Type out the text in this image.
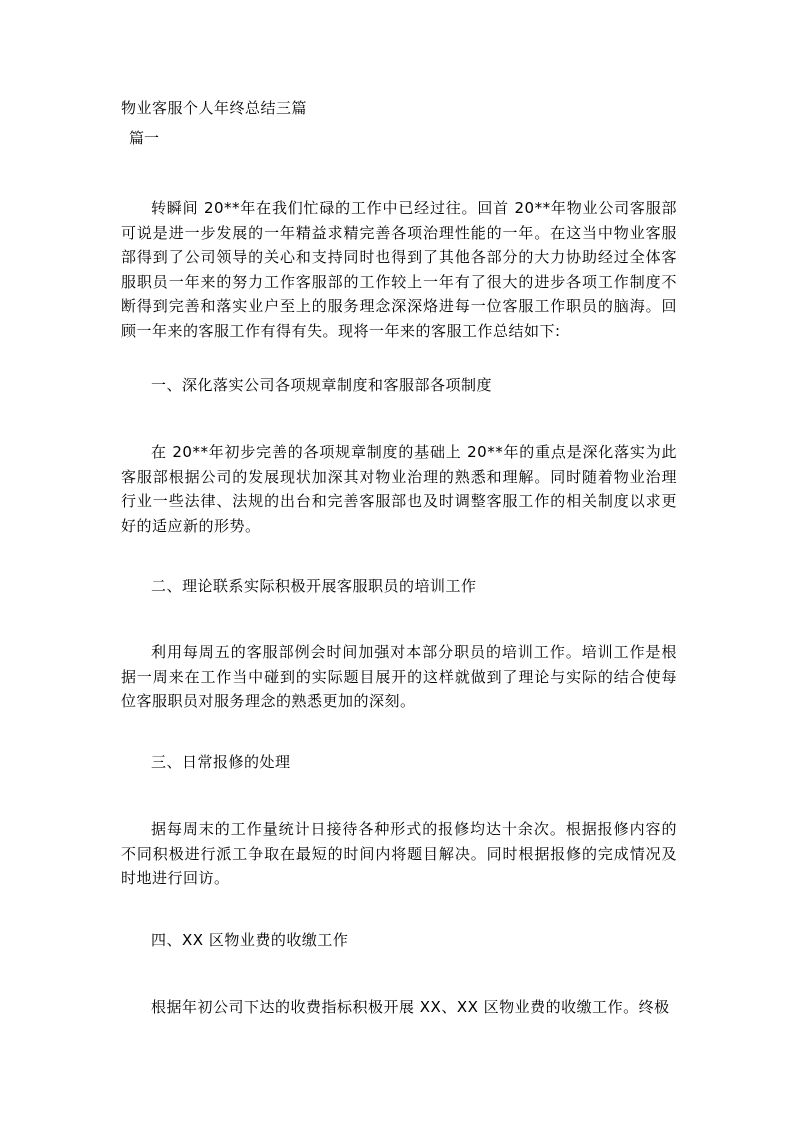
物业客服个人年终总结三篇
篇一
转瞬间 20**年在我们忙碌的工作中已经过往。回首 20**年物业公司客服部可说是进一步发展的一年精益求精完善各项治理性能的一年。在这当中物业客服部得到了公司领导的关心和支持同时也得到了其他各部分的大力协助经过全体客服职员一年来的努力工作客服部的工作较上一年有了很大的进步各项工作制度不断得到完善和落实业户至上的服务理念深深烙进每一位客服工作职员的脑海。回顾一年来的客服工作有得有失。现将一年来的客服工作总结如下:
一、深化落实公司各项规章制度和客服部各项制度
在 20**年初步完善的各项规章制度的基础上 20**年的重点是深化落实为此客服部根据公司的发展现状加深其对物业治理的熟悉和理解。同时随着物业治理行业一些法律、法规的出台和完善客服部也及时调整客服工作的相关制度以求更好的适应新的形势。
二、理论联系实际积极开展客服职员的培训工作
利用每周五的客服部例会时间加强对本部分职员的培训工作。培训工作是根据一周来在工作当中碰到的实际题目展开的这样就做到了理论与实际的结合使每位客服职员对服务理念的熟悉更加的深刻。
三、日常报修的处理
据每周末的工作量统计日接待各种形式的报修均达十余次。根据报修内容的不同积极进行派工争取在最短的时间内将题目解决。同时根据报修的完成情况及时地进行回访。
四、XX 区物业费的收缴工作
根据年初公司下达的收费指标积极开展 XX、XX 区物业费的收缴工作。终极
